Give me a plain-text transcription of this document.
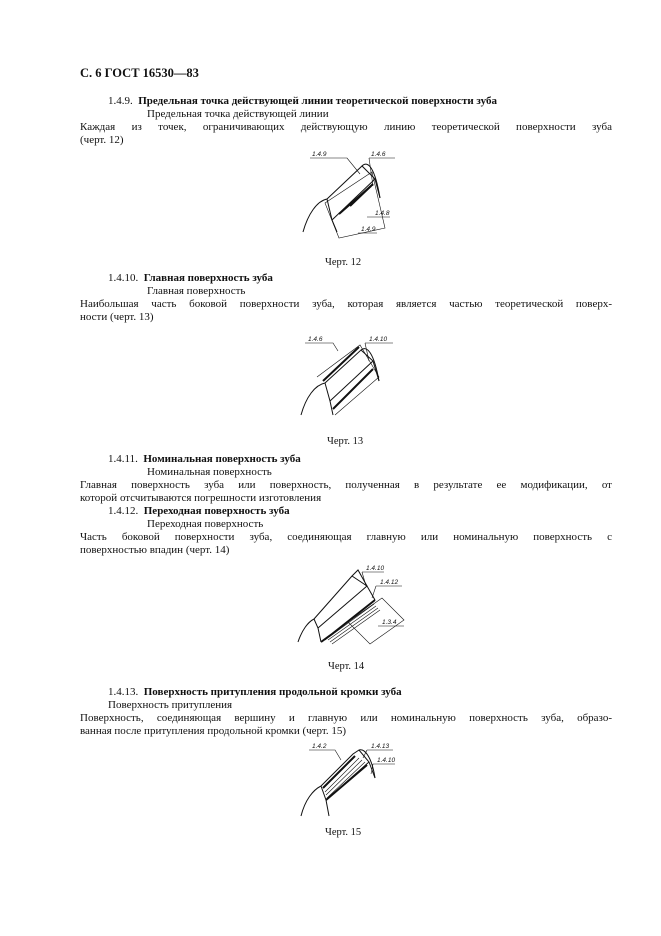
С. 6 ГОСТ 16530—83
1.4.9. Предельная точка действующей линии теоретической поверхности зуба
Предельная точка действующей линии
Каждая из точек, ограничивающих действующую линию теоретической поверхности зуба
(черт. 12)
1.4.9	1.4.6
1.4.8
1.4.9
Черт. 12
1.4.10. Главная поверхность зуба
Главная поверхность
Наибольшая часть боковой поверхности зуба, которая является частью теоретической поверх-
ности (черт. 13)
1.4.6	1.4.10
Черт. 13
1.4.11. Номинальная поверхность зуба
Номинальная поверхность
Главная поверхность зуба или поверхность, полученная в результате ее модификации, от
которой отсчитываются погрешности изготовления
1.4.12. Переходная поверхность зуба
Переходная поверхность
Часть боковой поверхности зуба, соединяющая главную или номинальную поверхность с
поверхностью впадин (черт. 14)
1.4.10
1.4.12
1.3.4
Черт. 14
1.4.13. Поверхность притупления продольной кромки зуба
Поверхность притупления
Поверхность, соединяющая вершину и главную или номинальную поверхность зуба, образо-
ванная после притупления продольной кромки (черт. 15)
1.4.2	1.4.13
1.4.10
Черт. 15
